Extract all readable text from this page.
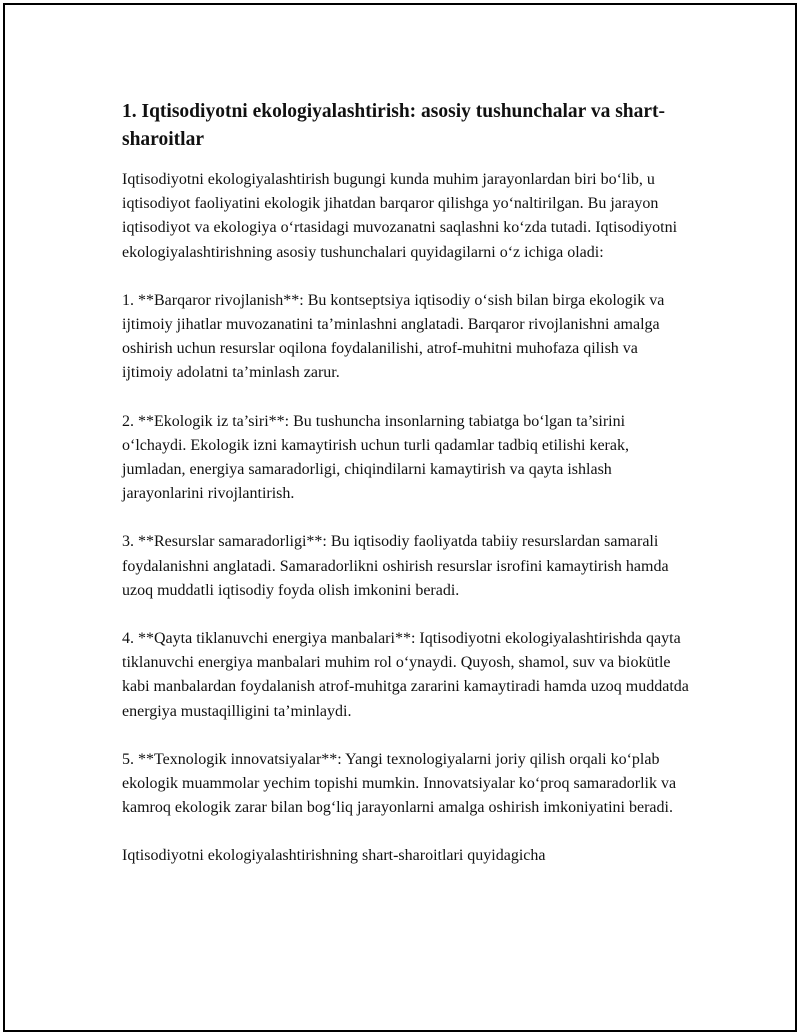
1. Iqtisodiyotni ekologiyalashtirish: asosiy tushunchalar va shart-sharoitlar

Iqtisodiyotni ekologiyalashtirish bugungi kunda muhim jarayonlardan biri bo‘lib, u iqtisodiyot faoliyatini ekologik jihatdan barqaror qilishga yo‘naltirilgan. Bu jarayon iqtisodiyot va ekologiya o‘rtasidagi muvozanatni saqlashni ko‘zda tutadi. Iqtisodiyotni ekologiyalashtirishning asosiy tushunchalari quyidagilarni o‘z ichiga oladi:

1. **Barqaror rivojlanish**: Bu kontseptsiya iqtisodiy o‘sish bilan birga ekologik va ijtimoiy jihatlar muvozanatini ta’minlashni anglatadi. Barqaror rivojlanishni amalga oshirish uchun resurslar oqilona foydalanilishi, atrof-muhitni muhofaza qilish va ijtimoiy adolatni ta’minlash zarur.

2. **Ekologik iz ta’siri**: Bu tushuncha insonlarning tabiatga bo‘lgan ta’sirini o‘lchaydi. Ekologik izni kamaytirish uchun turli qadamlar tadbiq etilishi kerak, jumladan, energiya samaradorligi, chiqindilarni kamaytirish va qayta ishlash jarayonlarini rivojlantirish.

3. **Resurslar samaradorligi**: Bu iqtisodiy faoliyatda tabiiy resurslardan samarali foydalanishni anglatadi. Samaradorlikni oshirish resurslar isrofini kamaytirish hamda uzoq muddatli iqtisodiy foyda olish imkonini beradi.

4. **Qayta tiklanuvchi energiya manbalari**: Iqtisodiyotni ekologiyalashtirishda qayta tiklanuvchi energiya manbalari muhim rol o‘ynaydi. Quyosh, shamol, suv va biokütle kabi manbalardan foydalanish atrof-muhitga zararini kamaytiradi hamda uzoq muddatda energiya mustaqilligini ta’minlaydi.

5. **Texnologik innovatsiyalar**: Yangi texnologiyalarni joriy qilish orqali ko‘plab ekologik muammolar yechim topishi mumkin. Innovatsiyalar ko‘proq samaradorlik va kamroq ekologik zarar bilan bog‘liq jarayonlarni amalga oshirish imkoniyatini beradi.

Iqtisodiyotni ekologiyalashtirishning shart-sharoitlari quyidagicha
